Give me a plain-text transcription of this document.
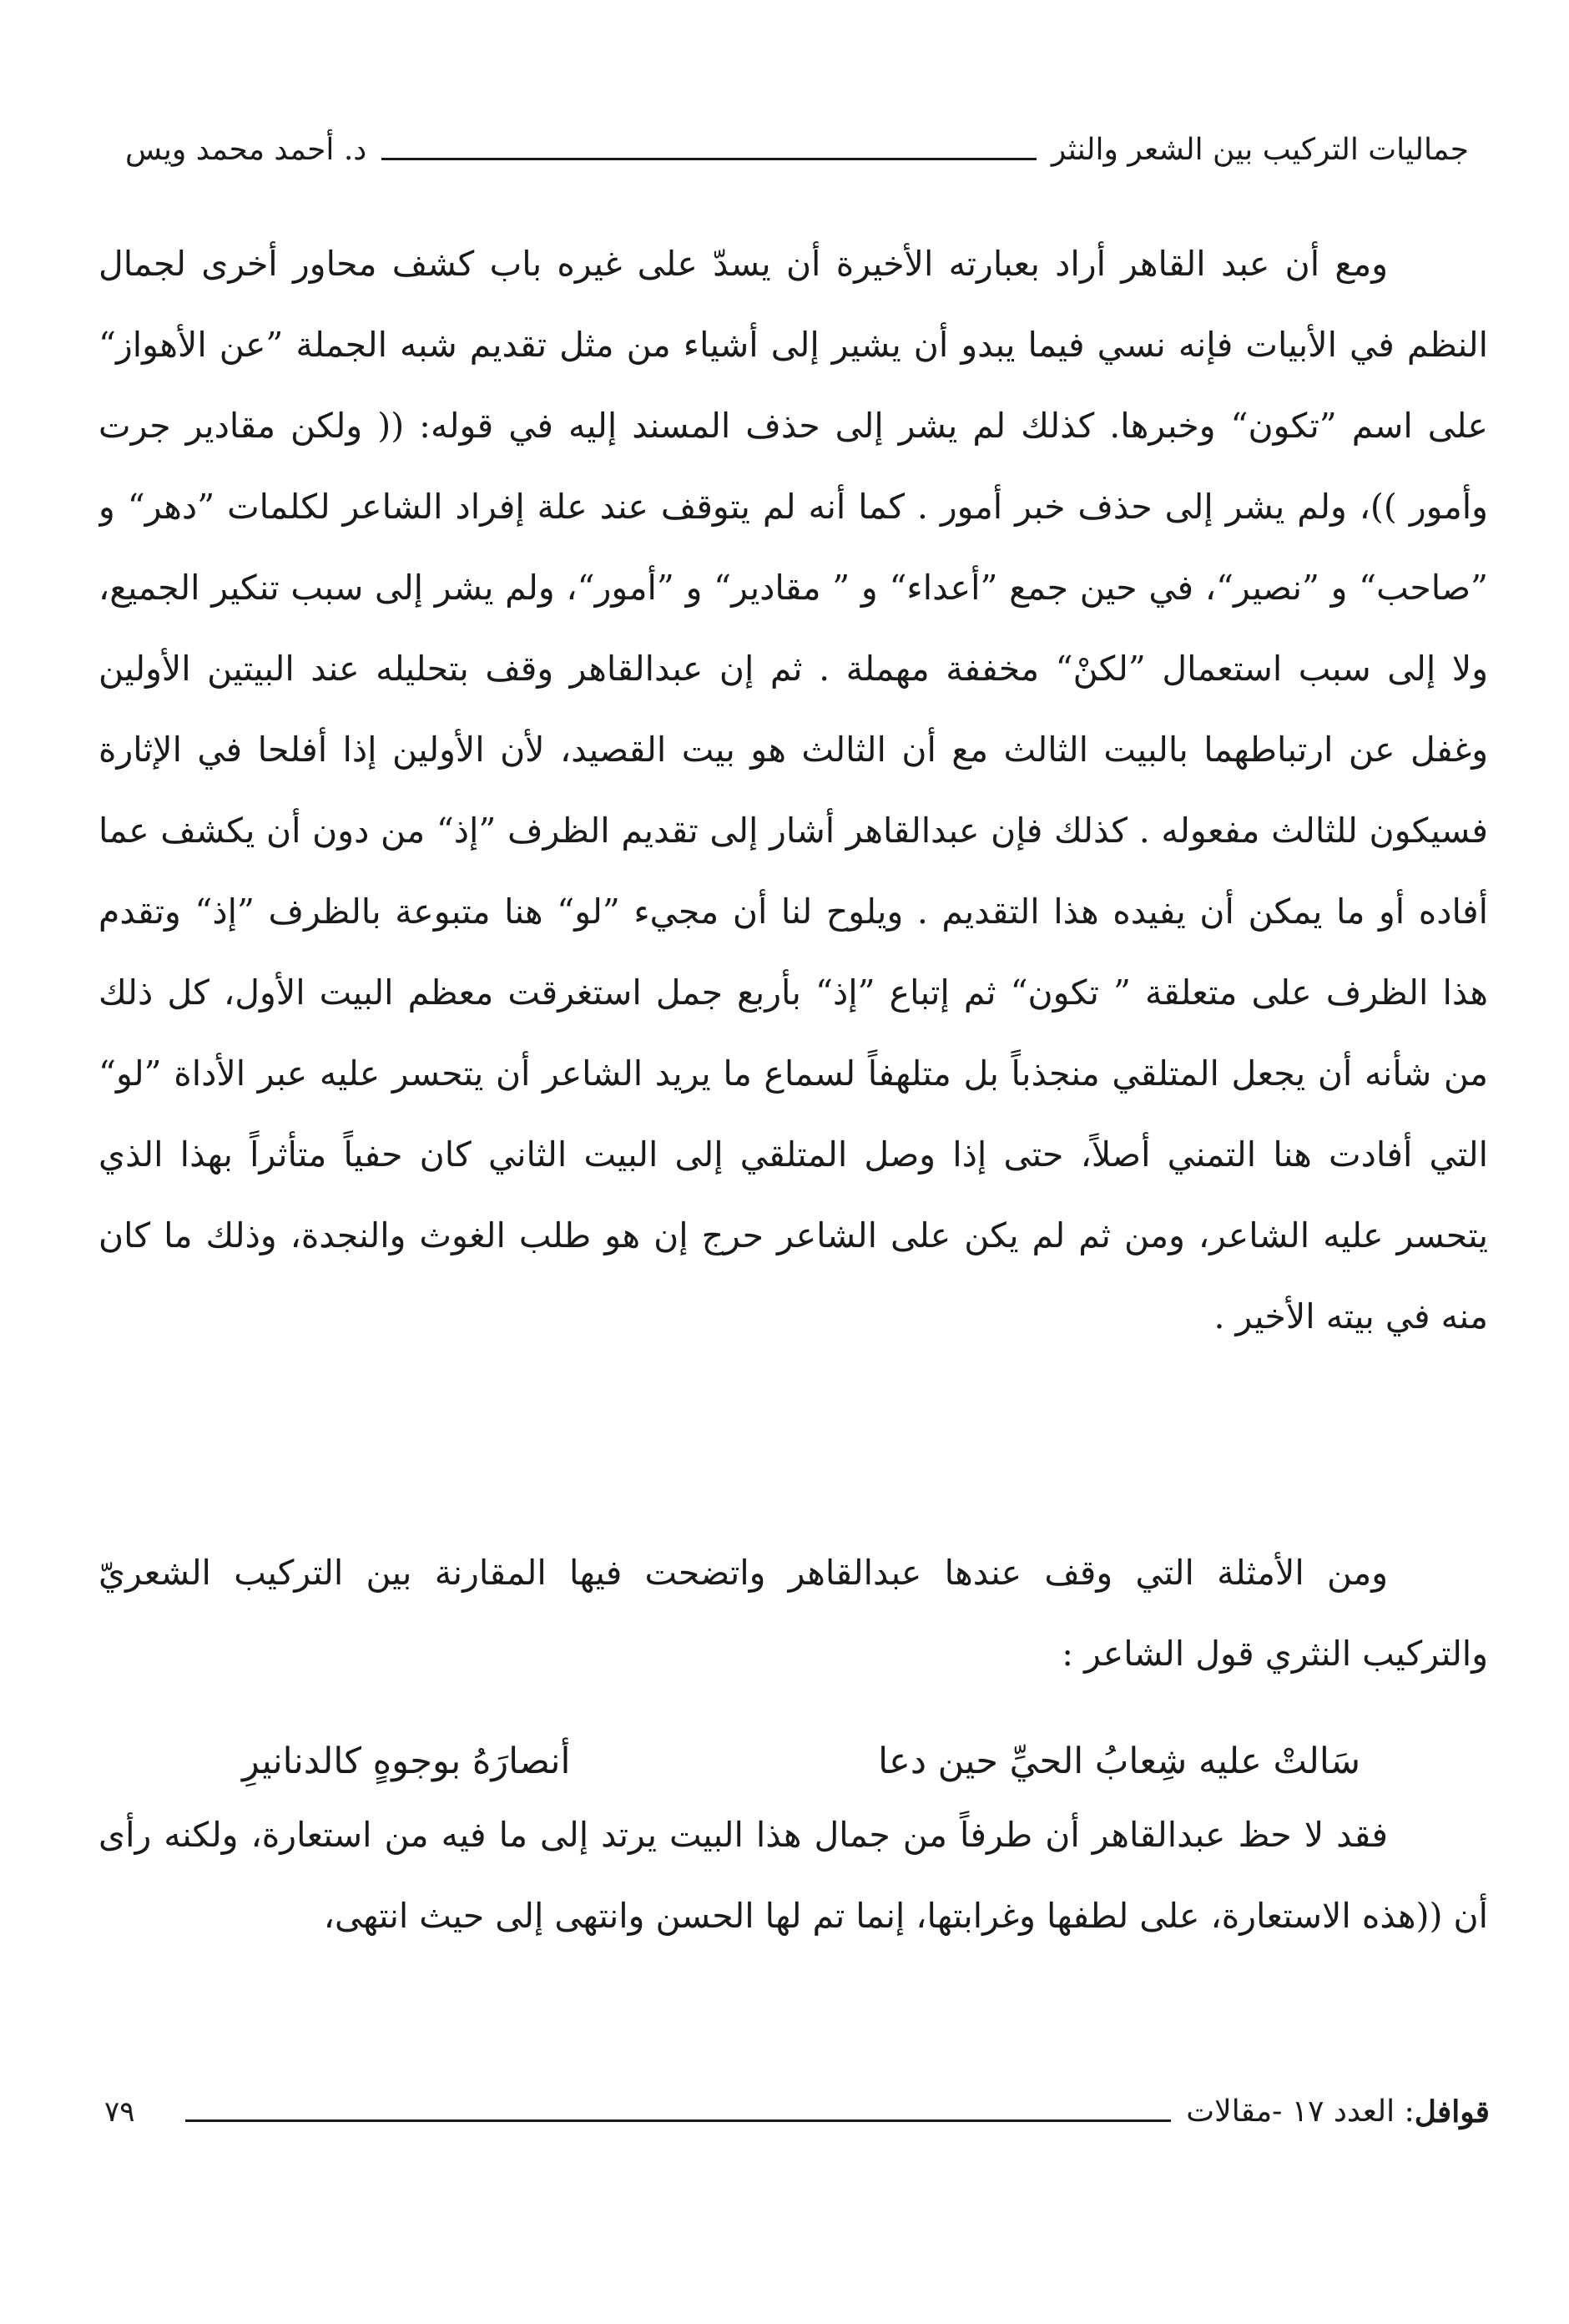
جماليات التركيب بين الشعر والنثر
د. أحمد محمد ويس

ومع أن عبد القاهر أراد بعبارته الأخيرة أن يسدّ على غيره باب كشف محاور أخرى لجمال النظم في الأبيات فإنه نسي فيما يبدو أن يشير إلى أشياء من مثل تقديم شبه الجملة ”عن الأهواز“ على اسم ”تكون“ وخبرها. كذلك لم يشر إلى حذف المسند إليه في قوله: (( ولكن مقادير جرت وأمور ))، ولم يشر إلى حذف خبر أمور . كما أنه لم يتوقف عند علة إفراد الشاعر لكلمات ”دهر“ و ”صاحب“ و ”نصير“، في حين جمع ”أعداء“ و ” مقادير“ و ”أمور“، ولم يشر إلى سبب تنكير الجميع، ولا إلى سبب استعمال ”لكنْ“ مخففة مهملة . ثم إن عبدالقاهر وقف بتحليله عند البيتين الأولين وغفل عن ارتباطهما بالبيت الثالث مع أن الثالث هو بيت القصيد، لأن الأولين إذا أفلحا في الإثارة فسيكون للثالث مفعوله . كذلك فإن عبدالقاهر أشار إلى تقديم الظرف ”إذ“ من دون أن يكشف عما أفاده أو ما يمكن أن يفيده هذا التقديم . ويلوح لنا أن مجيء ”لو“ هنا متبوعة بالظرف ”إذ“ وتقدم هذا الظرف على متعلقة ” تكون“ ثم إتباع ”إذ“ بأربع جمل استغرقت معظم البيت الأول، كل ذلك من شأنه أن يجعل المتلقي منجذباً بل متلهفاً لسماع ما يريد الشاعر أن يتحسر عليه عبر الأداة ”لو“ التي أفادت هنا التمني أصلاً، حتى إذا وصل المتلقي إلى البيت الثاني كان حفياً متأثراً بهذا الذي يتحسر عليه الشاعر، ومن ثم لم يكن على الشاعر حرج إن هو طلب الغوث والنجدة، وذلك ما كان منه في بيته الأخير .

ومن الأمثلة التي وقف عندها عبدالقاهر واتضحت فيها المقارنة بين التركيب الشعريّ والتركيب النثري قول الشاعر :

فقد لا حظ عبدالقاهر أن طرفاً من جمال هذا البيت يرتد إلى ما فيه من استعارة، ولكنه رأى أن ((هذه الاستعارة، على لطفها وغرابتها، إنما تم لها الحسن وانتهى إلى حيث انتهى،

سَالتْ عليه شِعابُ الحيِّ حين دعا
أنصارَهُ بوجوهٍ كالدنانيرِ
قوافل
: العدد ١٧ -مقالات
٧٩
